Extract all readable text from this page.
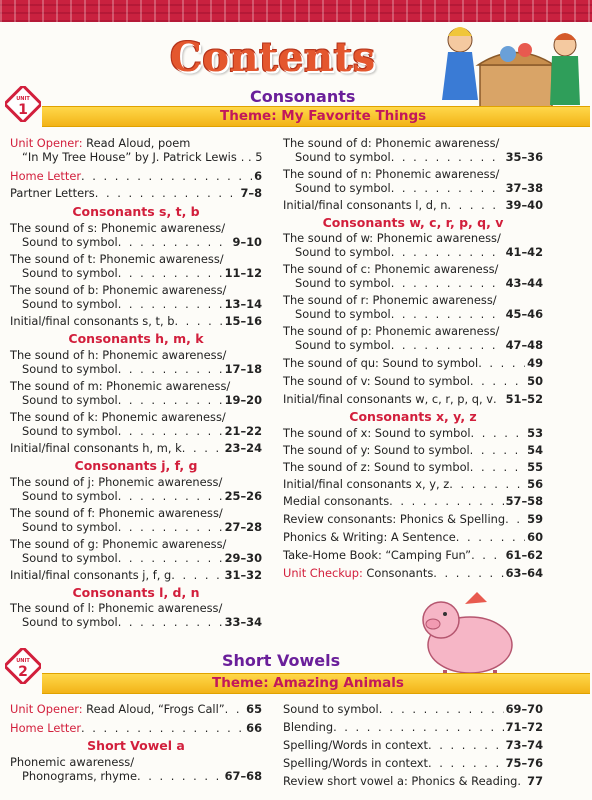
Contents
UNIT
1
Consonants
Theme: My Favorite Things
Unit Opener: Read Aloud, poem
“In My Tree House” by J. Patrick Lewis . . 5
Home Letter . . .	6
Partner Letters . . .	7–8
Consonants s, t, b
The sound of s: Phonemic awareness/
Sound to symbol . . .	9–10
The sound of t: Phonemic awareness/
Sound to symbol . . .	11–12
The sound of b: Phonemic awareness/
Sound to symbol . . .	13–14
Initial/final consonants s, t, b . . .	15–16
Consonants h, m, k
The sound of h: Phonemic awareness/
Sound to symbol . . .	17–18
The sound of m: Phonemic awareness/
Sound to symbol . . .	19–20
The sound of k: Phonemic awareness/
Sound to symbol . . .	21–22
Initial/final consonants h, m, k . . .	23–24
Consonants j, f, g
The sound of j: Phonemic awareness/
Sound to symbol . . .	25–26
The sound of f: Phonemic awareness/
Sound to symbol . . .	27–28
The sound of g: Phonemic awareness/
Sound to symbol . . .	29–30
Initial/final consonants j, f, g . . .	31–32
Consonants l, d, n
The sound of l: Phonemic awareness/
Sound to symbol . . .	33–34
The sound of d: Phonemic awareness/
Sound to symbol . . .	35–36
The sound of n: Phonemic awareness/
Sound to symbol . . .	37–38
Initial/final consonants l, d, n . . .	39–40
Consonants w, c, r, p, q, v
The sound of w: Phonemic awareness/
Sound to symbol . . .	41–42
The sound of c: Phonemic awareness/
Sound to symbol . . .	43–44
The sound of r: Phonemic awareness/
Sound to symbol . . .	45–46
The sound of p: Phonemic awareness/
Sound to symbol . . .	47–48
The sound of qu: Sound to symbol . . .	49
The sound of v: Sound to symbol . . .	50
Initial/final consonants w, c, r, p, q, v . . . 51–52
Consonants x, y, z
The sound of x: Sound to symbol . . .	53
The sound of y: Sound to symbol . . .	54
The sound of z: Sound to symbol . . .	55
Initial/final consonants x, y, z . . .	56
Medial consonants . . .	57–58
Review consonants: Phonics & Spelling . . . 59
Phonics & Writing: A Sentence . . .	60
Take-Home Book: “Camping Fun” . . .	61–62
Unit Checkup: Consonants . . .	63–64
UNIT
2
Short Vowels
Theme: Amazing Animals
Unit Opener: Read Aloud, “Frogs Call” . . . 65
Home Letter . . .	66
Short Vowel a
Phonemic awareness/
Phonograms, rhyme . . .	67–68
Sound to symbol . . .	69–70
Blending . . .	71–72
Spelling/Words in context . . .	73–74
Spelling/Words in context . . .	75–76
Review short vowel a: Phonics & Reading . . . 77
